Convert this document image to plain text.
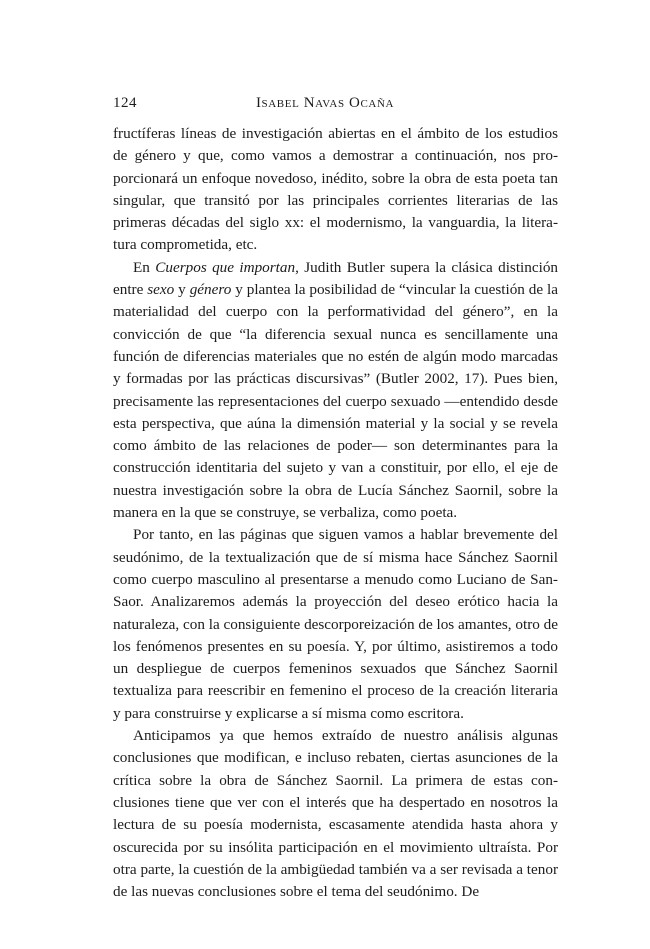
124	Isabel Navas Ocaña

fructíferas líneas de investigación abiertas en el ámbito de los estudios de género y que, como vamos a demostrar a continuación, nos proporcionará un enfoque novedoso, inédito, sobre la obra de esta poeta tan singular, que transitó por las principales corrientes literarias de las primeras décadas del siglo xx: el modernismo, la vanguardia, la literatura comprometida, etc.

En Cuerpos que importan, Judith Butler supera la clásica distinción entre sexo y género y plantea la posibilidad de “vincular la cuestión de la materialidad del cuerpo con la performatividad del género”, en la convicción de que “la diferencia sexual nunca es sencillamente una función de diferencias materiales que no estén de algún modo marcadas y formadas por las prácticas discursivas” (Butler 2002, 17). Pues bien, precisamente las representaciones del cuerpo sexuado —entendido desde esta perspectiva, que aúna la dimensión material y la social y se revela como ámbito de las relaciones de poder— son determinantes para la construcción identitaria del sujeto y van a constituir, por ello, el eje de nuestra investigación sobre la obra de Lucía Sánchez Saornil, sobre la manera en la que se construye, se verbaliza, como poeta.

Por tanto, en las páginas que siguen vamos a hablar brevemente del seudónimo, de la textualización que de sí misma hace Sánchez Saornil como cuerpo masculino al presentarse a menudo como Luciano de San-Saor. Analizaremos además la proyección del deseo erótico hacia la naturaleza, con la consiguiente descorporeización de los amantes, otro de los fenómenos presentes en su poesía. Y, por último, asistiremos a todo un despliegue de cuerpos femeninos sexuados que Sánchez Saornil textualiza para reescribir en femenino el proceso de la creación literaria y para construirse y explicarse a sí misma como escritora.

Anticipamos ya que hemos extraído de nuestro análisis algunas conclusiones que modifican, e incluso rebaten, ciertas asunciones de la crítica sobre la obra de Sánchez Saornil. La primera de estas conclusiones tiene que ver con el interés que ha despertado en nosotros la lectura de su poesía modernista, escasamente atendida hasta ahora y oscurecida por su insólita participación en el movimiento ultraísta. Por otra parte, la cuestión de la ambigüedad también va a ser revisada a tenor de las nuevas conclusiones sobre el tema del seudónimo. De
